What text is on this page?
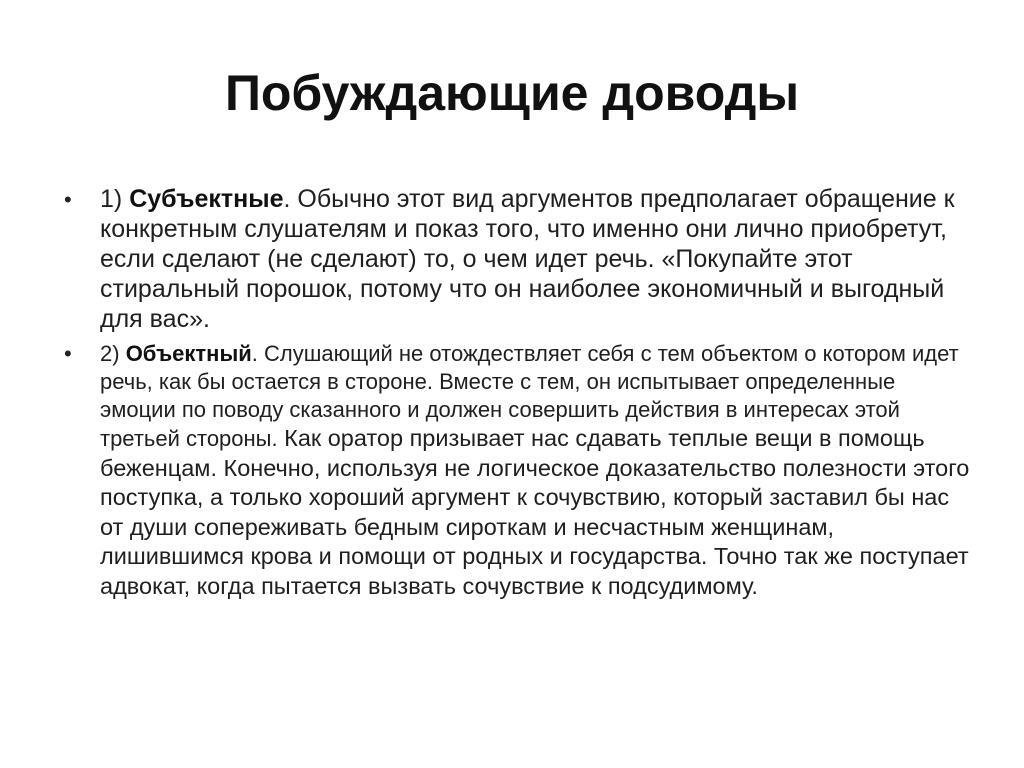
Побуждающие доводы
• 1) Субъектные. Обычно этот вид аргументов предполагает обращение к конкретным слушателям и показ того, что именно они лично приобретут, если сделают (не сделают) то, о чем идет речь. «Покупайте этот стиральный порошок, потому что он наиболее экономичный и выгодный для вас».
• 2) Объектный. Слушающий не отождествляет себя с тем объектом о котором идет речь, как бы остается в стороне. Вместе с тем, он испытывает определенные эмоции по поводу сказанного и должен совершить действия в интересах этой третьей стороны. Как оратор призывает нас сдавать теплые вещи в помощь беженцам. Конечно, используя не логическое доказательство полезности этого поступка, а только хороший аргумент к сочувствию, который заставил бы нас от души сопереживать бедным сироткам и несчастным женщинам, лишившимся крова и помощи от родных и государства. Точно так же поступает адвокат, когда пытается вызвать сочувствие к подсудимому.
